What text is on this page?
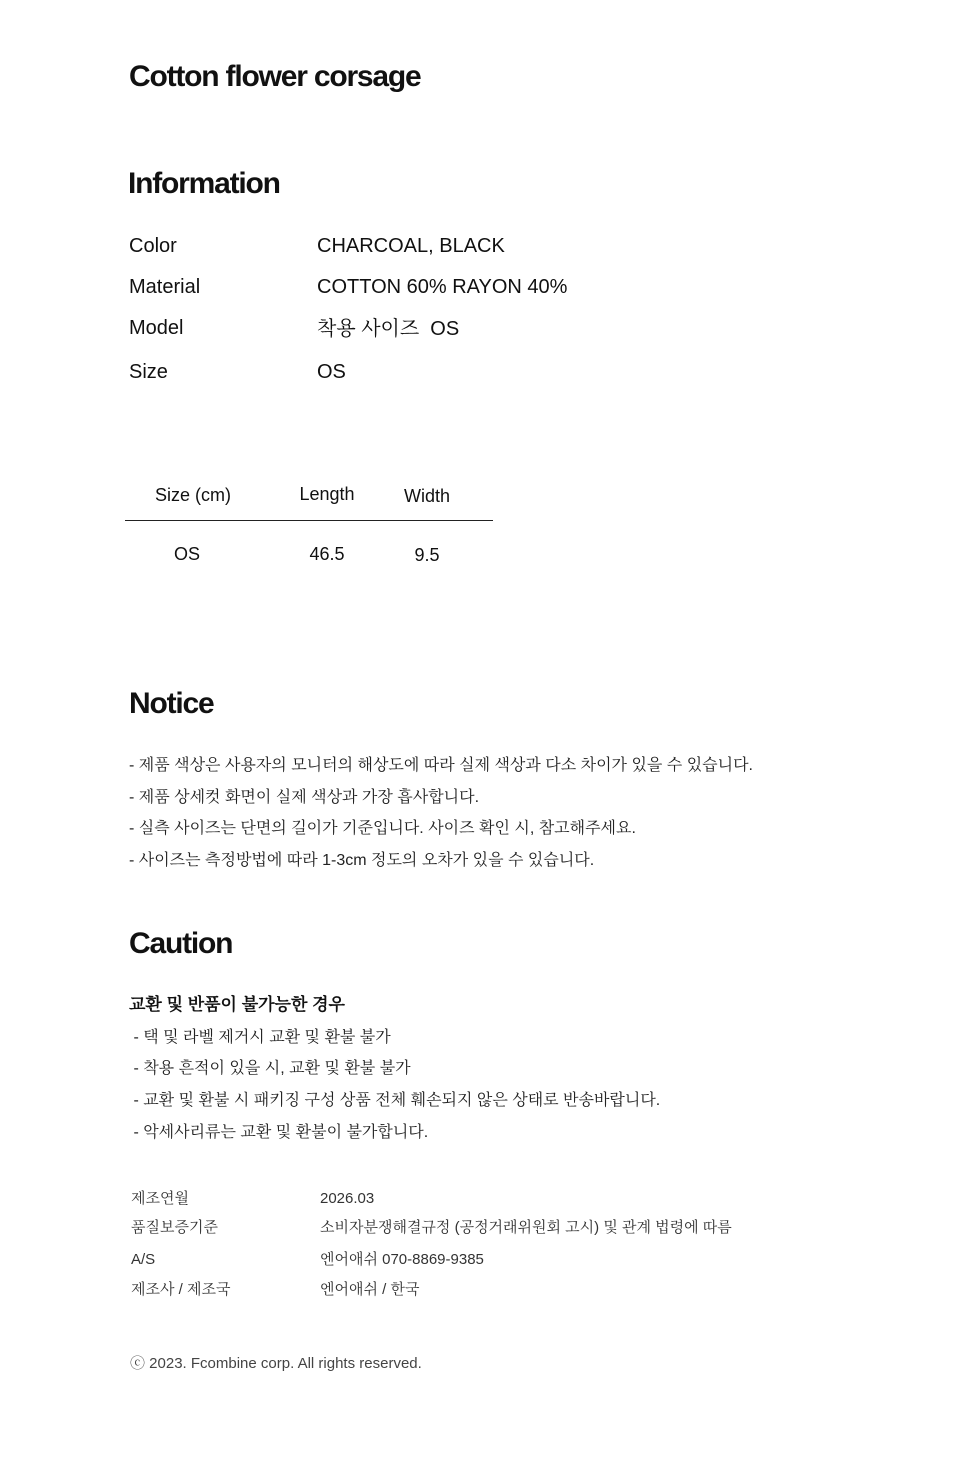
Cotton flower corsage
Information
Color	CHARCOAL, BLACK
Material	COTTON 60% RAYON 40%
Model	착용 사이즈  OS
Size	OS
Size (cm)	Length	Width
OS	46.5	9.5
Notice
- 제품 색상은 사용자의 모니터의 해상도에 따라 실제 색상과 다소 차이가 있을 수 있습니다.
- 제품 상세컷 화면이 실제 색상과 가장 흡사합니다.
- 실측 사이즈는 단면의 길이가 기준입니다. 사이즈 확인 시, 참고해주세요.
- 사이즈는 측정방법에 따라 1-3cm 정도의 오차가 있을 수 있습니다.
Caution
교환 및 반품이 불가능한 경우
- 택 및 라벨 제거시 교환 및 환불 불가
- 착용 흔적이 있을 시, 교환 및 환불 불가
- 교환 및 환불 시 패키징 구성 상품 전체 훼손되지 않은 상태로 반송바랍니다.
- 악세사리류는 교환 및 환불이 불가합니다.
제조연월	2026.03
품질보증기준	소비자분쟁해결규정 (공정거래위원회 고시) 및 관계 법령에 따름
A/S	엔어애쉬 070-8869-9385
제조사 / 제조국	엔어애쉬 / 한국
ⓒ 2023. Fcombine corp. All rights reserved.
